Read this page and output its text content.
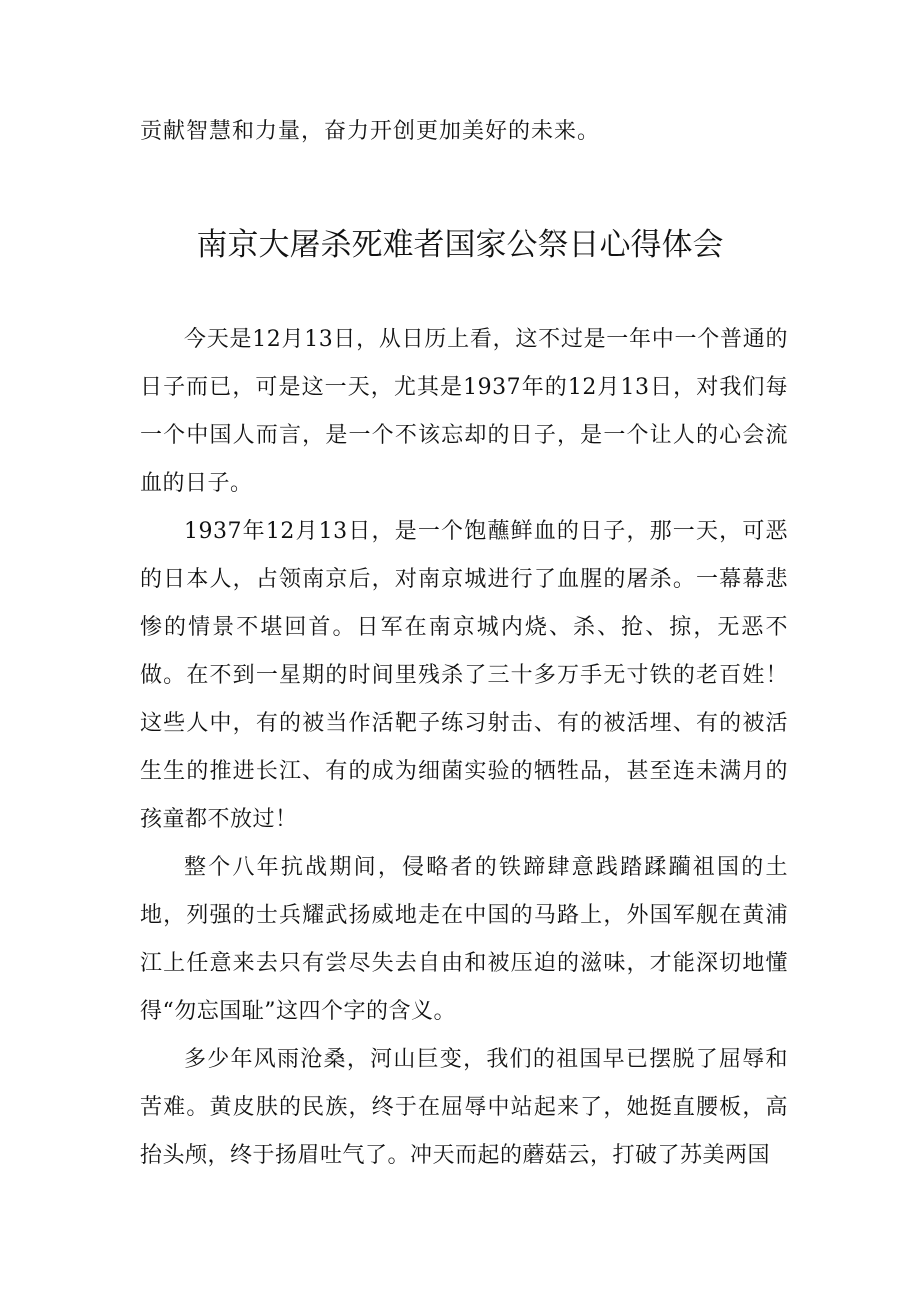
贡献智慧和力量，奋力开创更加美好的未来。
南京大屠杀死难者国家公祭日心得体会

今天是12月13日，从日历上看，这不过是一年中一个普通的日子而已，可是这一天，尤其是1937年的12月13日，对我们每一个中国人而言，是一个不该忘却的日子，是一个让人的心会流血的日子。

1937年12月13日，是一个饱蘸鲜血的日子，那一天，可恶的日本人，占领南京后，对南京城进行了血腥的屠杀。一幕幕悲惨的情景不堪回首。日军在南京城内烧、杀、抢、掠，无恶不做。在不到一星期的时间里残杀了三十多万手无寸铁的老百姓！这些人中，有的被当作活靶子练习射击、有的被活埋、有的被活生生的推进长江、有的成为细菌实验的牺牲品，甚至连未满月的孩童都不放过！

整个八年抗战期间，侵略者的铁蹄肆意践踏蹂躏祖国的土地，列强的士兵耀武扬威地走在中国的马路上，外国军舰在黄浦江上任意来去只有尝尽失去自由和被压迫的滋味，才能深切地懂得“勿忘国耻”这四个字的含义。

多少年风雨沧桑，河山巨变，我们的祖国早已摆脱了屈辱和苦难。黄皮肤的民族，终于在屈辱中站起来了，她挺直腰板，高抬头颅，终于扬眉吐气了。冲天而起的蘑菇云，打破了苏美两国
